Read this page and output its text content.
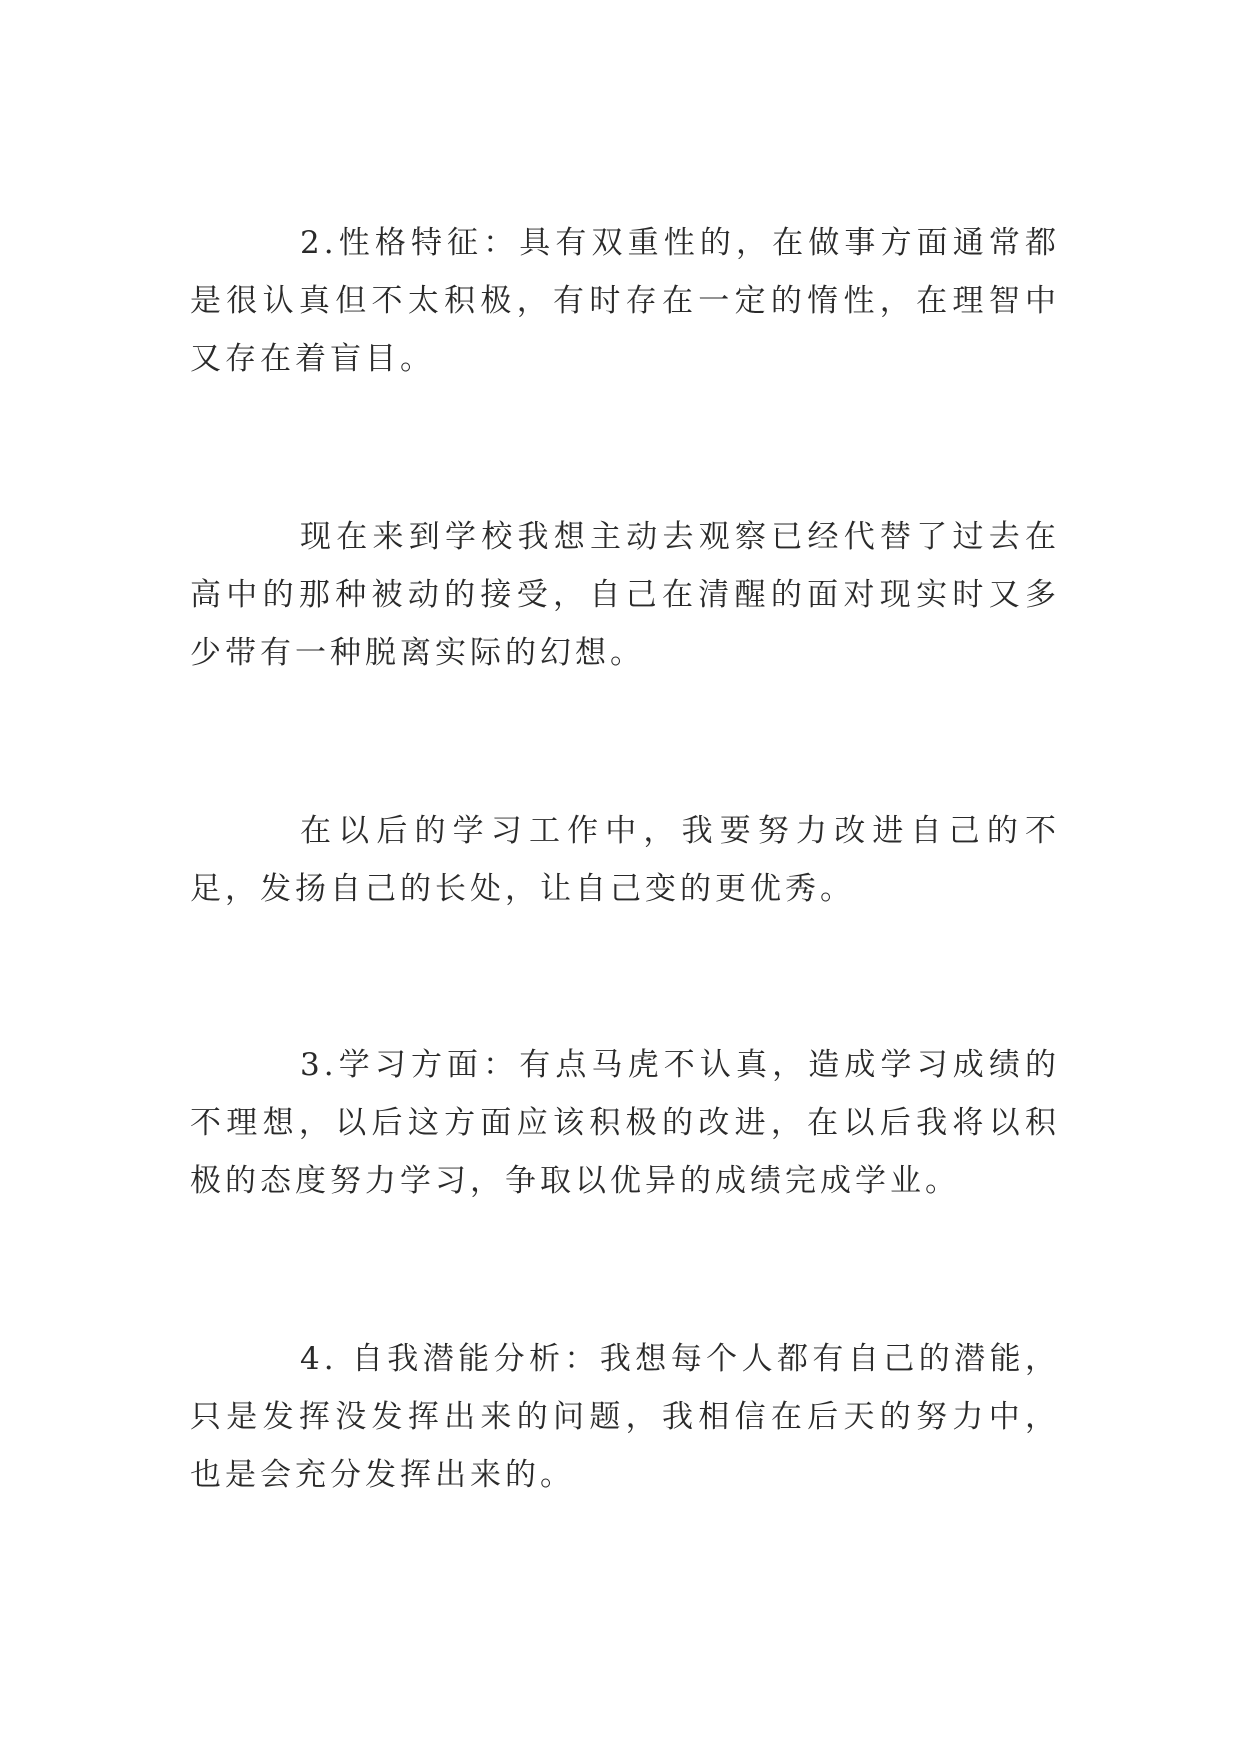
2.性格特征：具有双重性的，在做事方面通常都是很认真但不太积极，有时存在一定的惰性，在理智中又存在着盲目。

现在来到学校我想主动去观察已经代替了过去在高中的那种被动的接受，自己在清醒的面对现实时又多少带有一种脱离实际的幻想。

在以后的学习工作中，我要努力改进自己的不足，发扬自己的长处，让自己变的更优秀。

3.学习方面：有点马虎不认真，造成学习成绩的不理想，以后这方面应该积极的改进，在以后我将以积极的态度努力学习，争取以优异的成绩完成学业。

4. 自我潜能分析：我想每个人都有自己的潜能，只是发挥没发挥出来的问题，我相信在后天的努力中，也是会充分发挥出来的。
